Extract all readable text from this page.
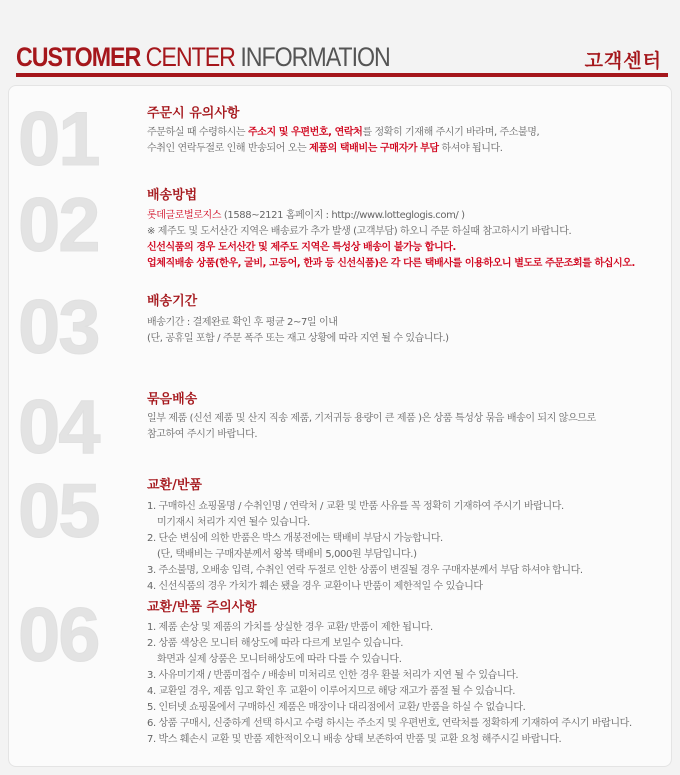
CUSTOMER CENTER INFORMATION	고객센터
01	주문시 유의사항
주문하실 때 수령하시는 주소지 및 우편번호, 연락처를 정확히 기재해 주시기 바라며, 주소불명,
수취인 연락두절로 인해 반송되어 오는 제품의 택배비는 구매자가 부담 하셔야 됩니다.
02	배송방법
롯데글로벌로지스 (1588~2121 홈페이지 : http://www.lotteglogis.com/ )
※ 제주도 및 도서산간 지역은 배송료가 추가 발생 (고객부담) 하오니 주문 하실때 참고하시기 바랍니다.
신선식품의 경우 도서산간 및 제주도 지역은 특성상 배송이 불가능 합니다.
업체직배송 상품(한우, 굴비, 고등어, 한과 등 신선식품)은 각 다른 택배사를 이용하오니 별도로 주문조회를 하십시오.
03	배송기간
배송기간 : 결제완료 확인 후 평균 2~7일 이내
(단, 공휴일 포함 / 주문 폭주 또는 재고 상황에 따라 지연 될 수 있습니다.)
04	묶음배송
일부 제품 (신선 제품 및 산지 직송 제품, 기저귀등 용량이 큰 제품 )은 상품 특성상 묶음 배송이 되지 않으므로
참고하여 주시기 바랍니다.
05	교환/반품
1. 구매하신 쇼핑몰명 / 수취인명 / 연락처 / 교환 및 반품 사유를 꼭 정확히 기재하여 주시기 바랍니다.
미기재시 처리가 지연 될수 있습니다.
2. 단순 변심에 의한 반품은 박스 개봉전에는 택배비 부담시 가능합니다.
(단, 택배비는 구매자분께서 왕복 택배비 5,000원 부담입니다.)
3. 주소불명, 오배송 입력, 수취인 연락 두절로 인한 상품이 변질될 경우 구매자분께서 부담 하셔야 합니다.
4. 신선식품의 경우 가치가 훼손 됐을 경우 교환이나 반품이 제한적일 수 있습니다
06	교환/반품 주의사항
1. 제품 손상 및 제품의 가치를 상실한 경우 교환/ 반품이 제한 됩니다.
2. 상품 색상은 모니터 해상도에 따라 다르게 보일수 있습니다.
화면과 실제 상품은 모니터해상도에 따라 다를 수 있습니다.
3. 사유미기재 / 반품미접수 / 배송비 미처리로 인한 경우 환불 처리가 지연 될 수 있습니다.
4. 교환일 경우, 제품 입고 확인 후 교환이 이루어지므로 해당 재고가 품절 될 수 있습니다.
5. 인터넷 쇼핑몰에서 구매하신 제품은 매장이나 대리점에서 교환/ 반품을 하실 수 없습니다.
6. 상품 구매시, 신중하게 선택 하시고 수령 하시는 주소지 및 우편번호, 연락처를 정확하게 기재하여 주시기 바랍니다.
7. 박스 훼손시 교환 및 반품 제한적이오니 배송 상태 보존하여 반품 및 교환 요청 해주시길 바랍니다.
